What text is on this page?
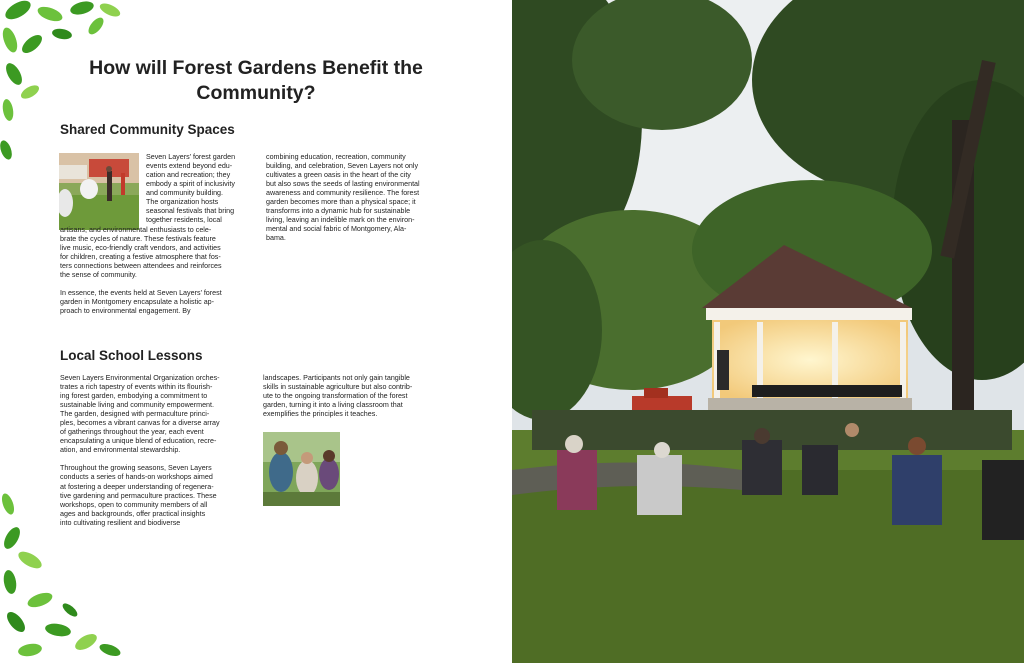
How will Forest Gardens Benefit the Community?
Shared Community Spaces
Seven Layers’ forest garden
events extend beyond edu-
cation and recreation; they
embody a spirit of inclusivity
and community building.
The organization hosts
seasonal festivals that bring
together residents, local
artisans, and environmental enthusiasts to cele-
brate the cycles of nature. These festivals feature
live music, eco-friendly craft vendors, and activities
for children, creating a festive atmosphere that fos-
ters connections between attendees and reinforces
the sense of community.
In essence, the events held at Seven Layers’ forest
garden in Montgomery encapsulate a holistic ap-
proach to environmental engagement. By
combining education, recreation, community
building, and celebration, Seven Layers not only
cultivates a green oasis in the heart of the city
but also sows the seeds of lasting environmental
awareness and community resilience. The forest
garden becomes more than a physical space; it
transforms into a dynamic hub for sustainable
living, leaving an indelible mark on the environ-
mental and social fabric of Montgomery, Ala-
bama.
Local School Lessons
Seven Layers Environmental Organization orches-
trates a rich tapestry of events within its flourish-
ing forest garden, embodying a commitment to
sustainable living and community empowerment.
The garden, designed with permaculture princi-
ples, becomes a vibrant canvas for a diverse array
of gatherings throughout the year, each event
encapsulating a unique blend of education, recre-
ation, and environmental stewardship.
Throughout the growing seasons, Seven Layers
conducts a series of hands-on workshops aimed
at fostering a deeper understanding of regenera-
tive gardening and permaculture practices. These
workshops, open to community members of all
ages and backgrounds, offer practical insights
into cultivating resilient and biodiverse
landscapes. Participants not only gain tangible
skills in sustainable agriculture but also contrib-
ute to the ongoing transformation of the forest
garden, turning it into a living classroom that
exemplifies the principles it teaches.
